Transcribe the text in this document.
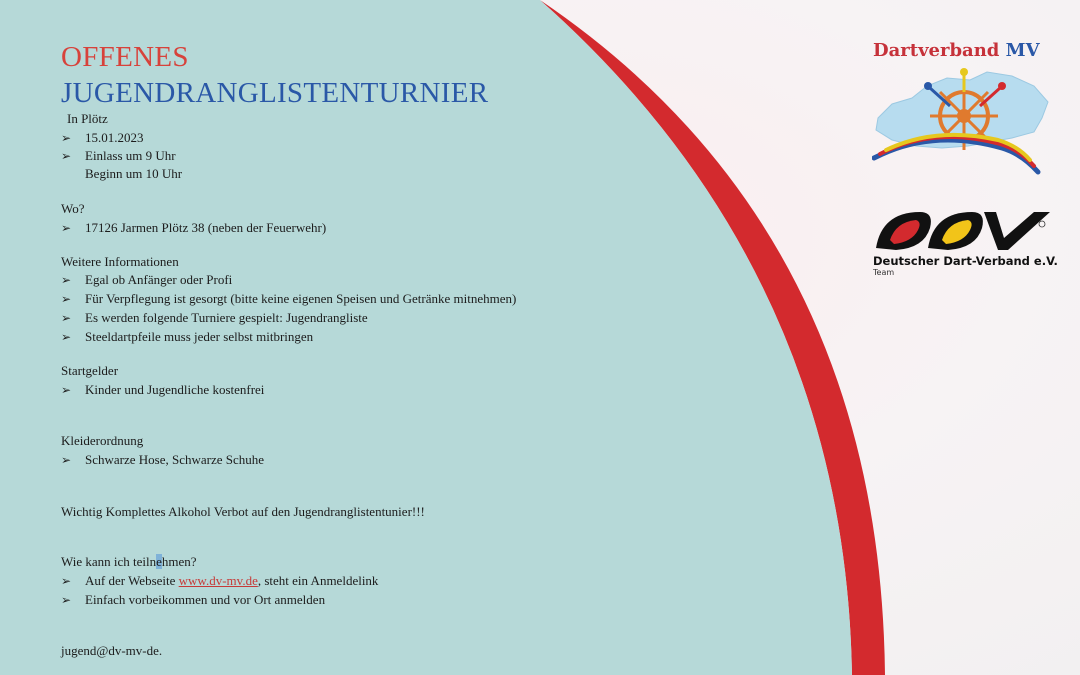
OFFENES
JUGENDRANGLISTENTURNIER
In Plötz
➢ 15.01.2023
➢ Einlass um 9 Uhr
Beginn um 10 Uhr
Wo?
➢ 17126 Jarmen Plötz 38 (neben der Feuerwehr)
Weitere Informationen
➢ Egal ob Anfänger oder Profi
➢ Für Verpflegung ist gesorgt (bitte keine eigenen Speisen und Getränke mitnehmen)
➢ Es werden folgende Turniere gespielt: Jugendrangliste
➢ Steeldartpfeile muss jeder selbst mitbringen
Startgelder
➢ Kinder und Jugendliche kostenfrei
Kleiderordnung
➢ Schwarze Hose, Schwarze Schuhe
Wichtig Komplettes Alkohol Verbot auf den Jugendranglistentunier!!!
Wie kann ich teilnehmen?
➢ Auf der Webseite www.dv-mv.de, steht ein Anmeldelink
➢ Einfach vorbeikommen und vor Ort anmelden
jugend@dv-mv-de.
Dartverband MV
Deutscher Dart-Verband e.V.
Team
